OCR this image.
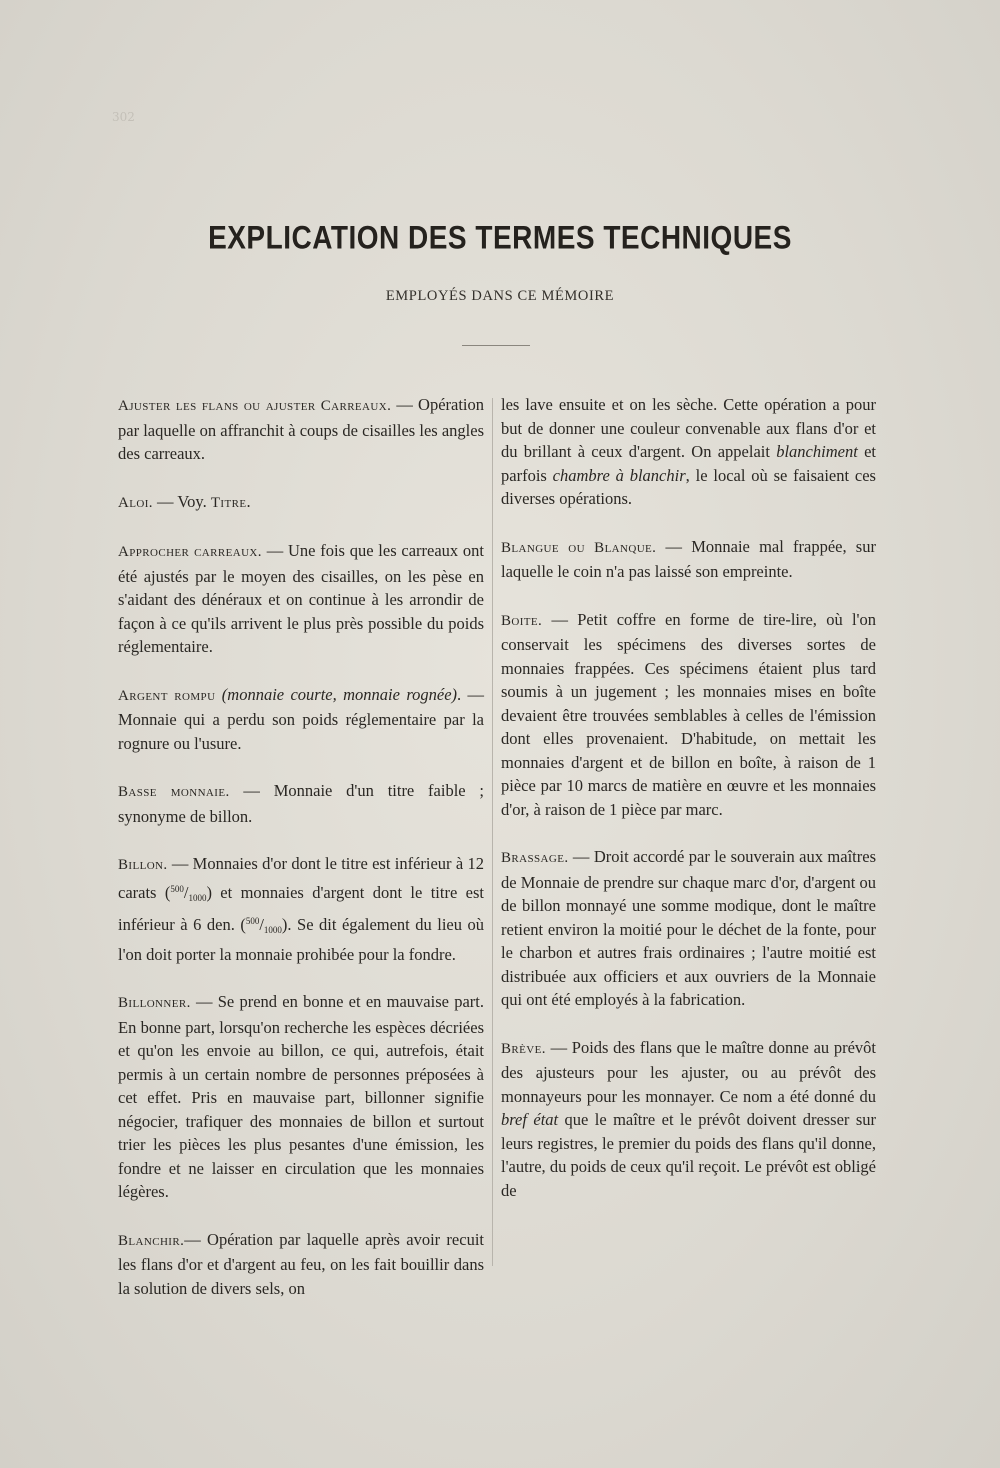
302
EXPLICATION DES TERMES TECHNIQUES
EMPLOYÉS DANS CE MÉMOIRE

Ajuster les flans ou ajuster Carreaux. — Opération par laquelle on affranchit à coups de cisailles les angles des carreaux.

Aloi. — Voy. Titre.

Approcher carreaux. — Une fois que les carreaux ont été ajustés par le moyen des cisailles, on les pèse en s'aidant des dénéraux et on continue à les arrondir de façon à ce qu'ils arrivent le plus près possible du poids réglementaire.

Argent rompu (monnaie courte, monnaie rognée). — Monnaie qui a perdu son poids réglementaire par la rognure ou l'usure.

Basse monnaie. — Monnaie d'un titre faible ; synonyme de billon.

Billon. — Monnaies d'or dont le titre est inférieur à 12 carats $(^{500}/_{1000})$ et monnaies d'argent dont le titre est inférieur à 6 den. $(^{500}/_{1000})$. Se dit également du lieu où l'on doit porter la monnaie prohibée pour la fondre.

Billonner. — Se prend en bonne et en mauvaise part. En bonne part, lorsqu'on recherche les espèces décriées et qu'on les envoie au billon, ce qui, autrefois, était permis à un certain nombre de personnes préposées à cet effet. Pris en mauvaise part, billonner signifie négocier, trafiquer des monnaies de billon et surtout trier les pièces les plus pesantes d'une émission, les fondre et ne laisser en circulation que les monnaies légères.

Blanchir.— Opération par laquelle après avoir recuit les flans d'or et d'argent au feu, on les fait bouillir dans la solution de divers sels, on

les lave ensuite et on les sèche. Cette opération a pour but de donner une couleur convenable aux flans d'or et du brillant à ceux d'argent. On appelait blanchiment et parfois chambre à blanchir, le local où se faisaient ces diverses opérations.

Blangue ou Blanque. — Monnaie mal frappée, sur laquelle le coin n'a pas laissé son empreinte.

Boite. — Petit coffre en forme de tire-lire, où l'on conservait les spécimens des diverses sortes de monnaies frappées. Ces spécimens étaient plus tard soumis à un jugement ; les monnaies mises en boîte devaient être trouvées semblables à celles de l'émission dont elles provenaient. D'habitude, on mettait les monnaies d'argent et de billon en boîte, à raison de 1 pièce par 10 marcs de matière en œuvre et les monnaies d'or, à raison de 1 pièce par marc.

Brassage. — Droit accordé par le souverain aux maîtres de Monnaie de prendre sur chaque marc d'or, d'argent ou de billon monnayé une somme modique, dont le maître retient environ la moitié pour le déchet de la fonte, pour le charbon et autres frais ordinaires ; l'autre moitié est distribuée aux officiers et aux ouvriers de la Monnaie qui ont été employés à la fabrication.

Brève. — Poids des flans que le maître donne au prévôt des ajusteurs pour les ajuster, ou au prévôt des monnayeurs pour les monnayer. Ce nom a été donné du bref état que le maître et le prévôt doivent dresser sur leurs registres, le premier du poids des flans qu'il donne, l'autre, du poids de ceux qu'il reçoit. Le prévôt est obligé de
